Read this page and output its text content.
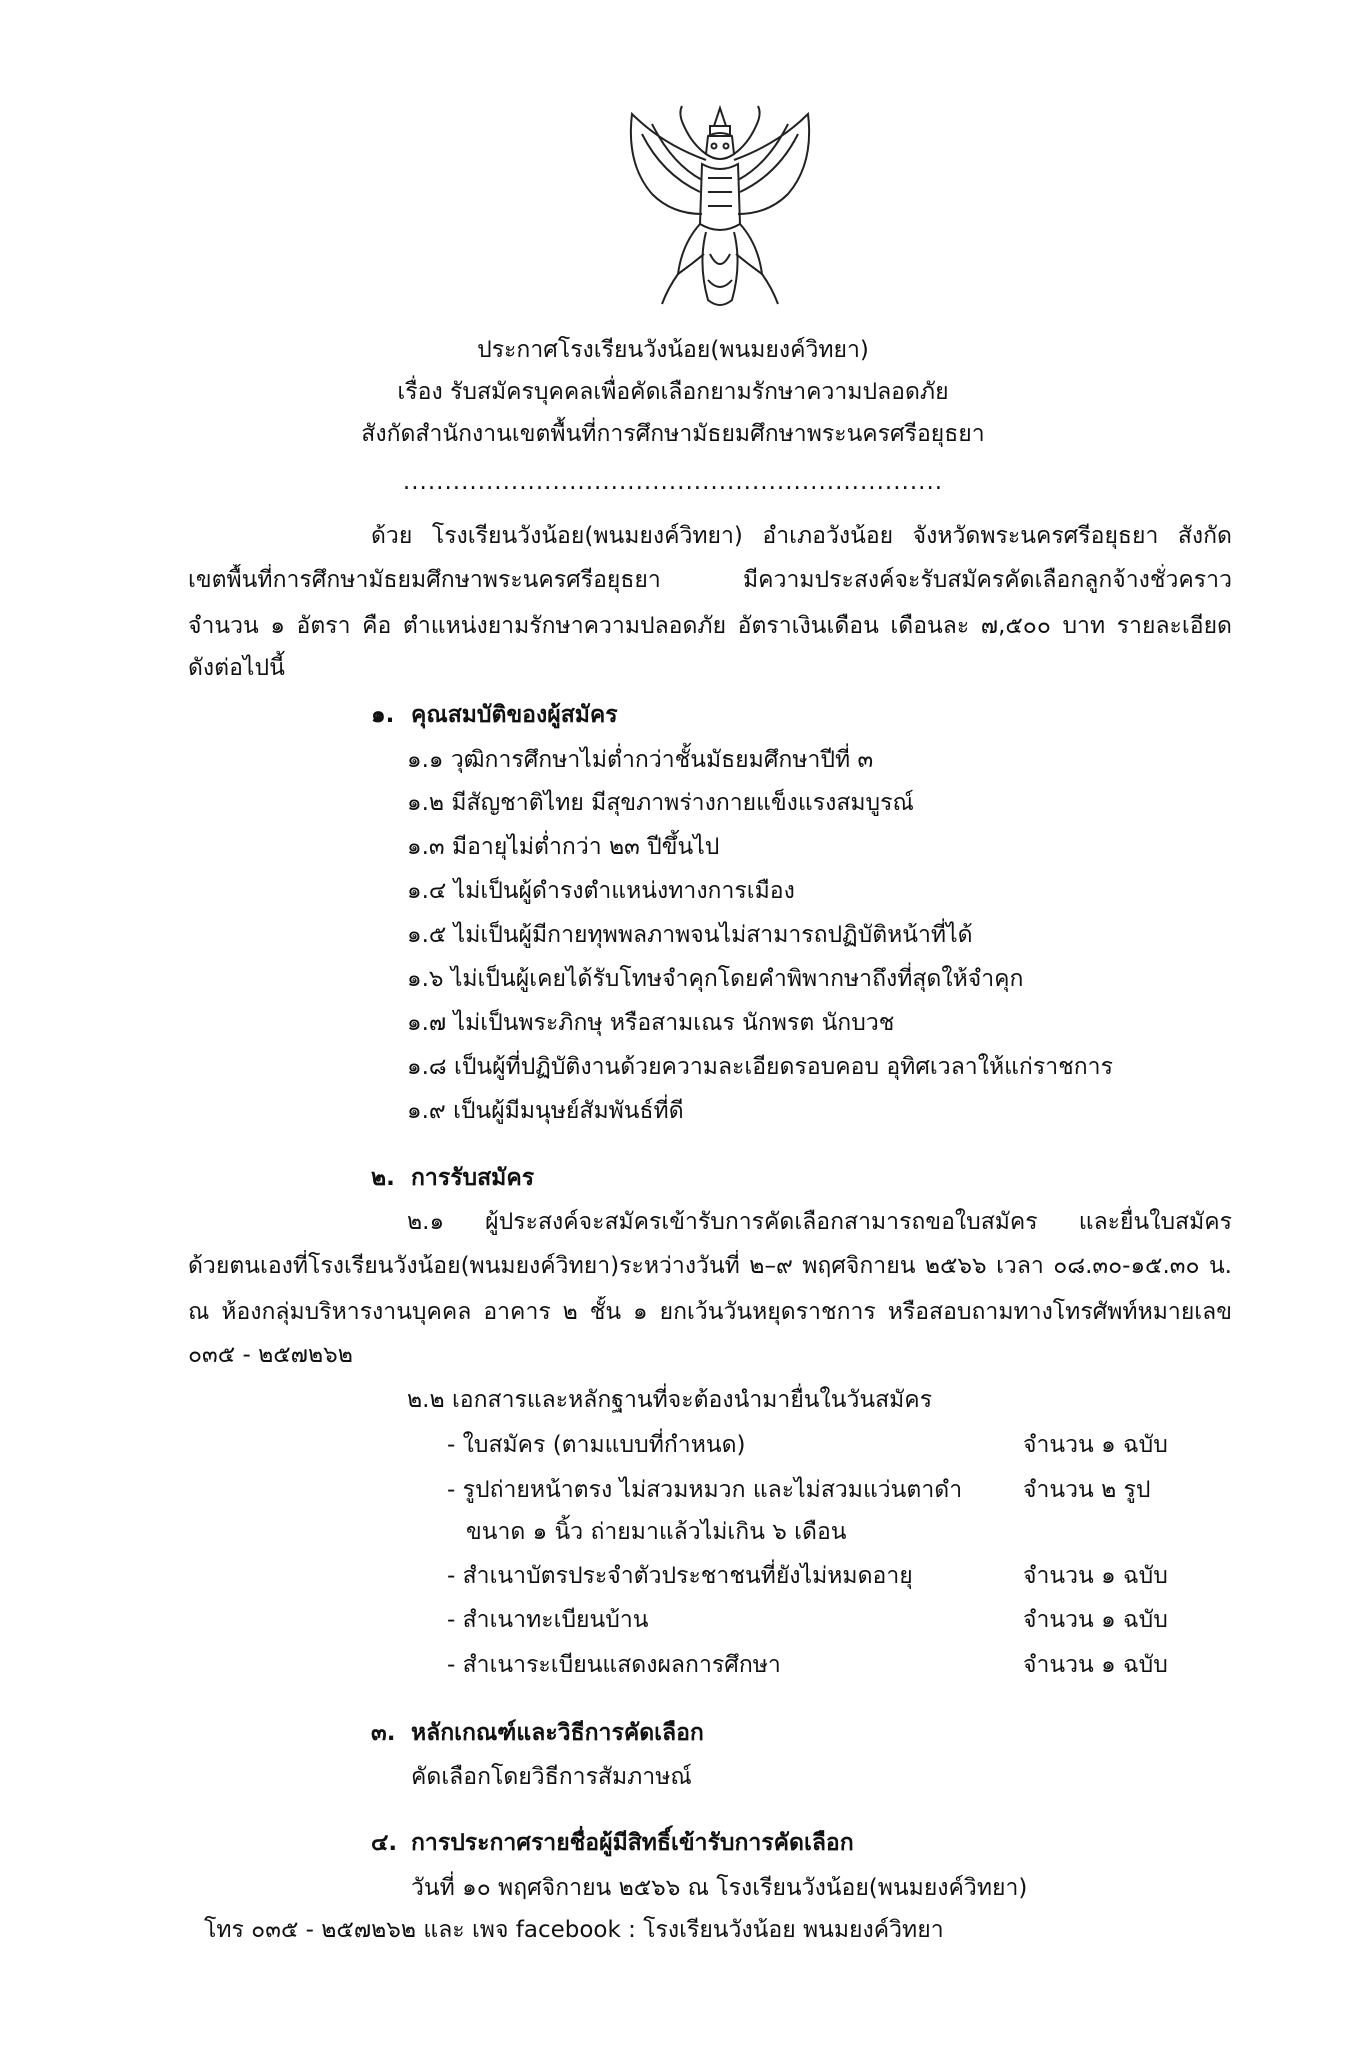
ประกาศโรงเรียนวังน้อย(พนมยงค์วิทยา)
เรื่อง รับสมัครบุคคลเพื่อคัดเลือกยามรักษาความปลอดภัย
สังกัดสำนักงานเขตพื้นที่การศึกษามัธยมศึกษาพระนครศรีอยุธยา
.................................................................
ด้วย โรงเรียนวังน้อย(พนมยงค์วิทยา) อำเภอวังน้อย จังหวัดพระนครศรีอยุธยา สังกัด
เขตพื้นที่การศึกษามัธยมศึกษาพระนครศรีอยุธยา มีความประสงค์จะรับสมัครคัดเลือกลูกจ้างชั่วคราว
จำนวน ๑ อัตรา คือ ตำแหน่งยามรักษาความปลอดภัย อัตราเงินเดือน เดือนละ ๗,๕๐๐ บาท รายละเอียด
ดังต่อไปนี้
๑. คุณสมบัติของผู้สมัคร
๑.๑ วุฒิการศึกษาไม่ต่ำกว่าชั้นมัธยมศึกษาปีที่ ๓
๑.๒ มีสัญชาติไทย มีสุขภาพร่างกายแข็งแรงสมบูรณ์
๑.๓ มีอายุไม่ต่ำกว่า ๒๓ ปีขึ้นไป
๑.๔ ไม่เป็นผู้ดำรงตำแหน่งทางการเมือง
๑.๕ ไม่เป็นผู้มีกายทุพพลภาพจนไม่สามารถปฏิบัติหน้าที่ได้
๑.๖ ไม่เป็นผู้เคยได้รับโทษจำคุกโดยคำพิพากษาถึงที่สุดให้จำคุก
๑.๗ ไม่เป็นพระภิกษุ หรือสามเณร นักพรต นักบวช
๑.๘ เป็นผู้ที่ปฏิบัติงานด้วยความละเอียดรอบคอบ อุทิศเวลาให้แก่ราชการ
๑.๙ เป็นผู้มีมนุษย์สัมพันธ์ที่ดี
๒. การรับสมัคร
๒.๑ ผู้ประสงค์จะสมัครเข้ารับการคัดเลือกสามารถขอใบสมัคร และยื่นใบสมัคร
ด้วยตนเองที่โรงเรียนวังน้อย(พนมยงค์วิทยา)ระหว่างวันที่ ๒–๙ พฤศจิกายน ๒๕๖๖ เวลา ๐๘.๓๐-๑๕.๓๐ น.
ณ ห้องกลุ่มบริหารงานบุคคล อาคาร ๒ ชั้น ๑ ยกเว้นวันหยุดราชการ หรือสอบถามทางโทรศัพท์หมายเลข
๐๓๕ - ๒๕๗๒๖๒
๒.๒ เอกสารและหลักฐานที่จะต้องนำมายื่นในวันสมัคร
- ใบสมัคร (ตามแบบที่กำหนด)	จำนวน ๑ ฉบับ
- รูปถ่ายหน้าตรง ไม่สวมหมวก และไม่สวมแว่นตาดำ	จำนวน ๒ รูป
ขนาด ๑ นิ้ว ถ่ายมาแล้วไม่เกิน ๖ เดือน
- สำเนาบัตรประจำตัวประชาชนที่ยังไม่หมดอายุ	จำนวน ๑ ฉบับ
- สำเนาทะเบียนบ้าน	จำนวน ๑ ฉบับ
- สำเนาระเบียนแสดงผลการศึกษา	จำนวน ๑ ฉบับ
๓. หลักเกณฑ์และวิธีการคัดเลือก
คัดเลือกโดยวิธีการสัมภาษณ์
๔. การประกาศรายชื่อผู้มีสิทธิ์เข้ารับการคัดเลือก
วันที่ ๑๐ พฤศจิกายน ๒๕๖๖ ณ โรงเรียนวังน้อย(พนมยงค์วิทยา)
โทร ๐๓๕ - ๒๕๗๒๖๒ และ เพจ facebook : โรงเรียนวังน้อย พนมยงค์วิทยา
